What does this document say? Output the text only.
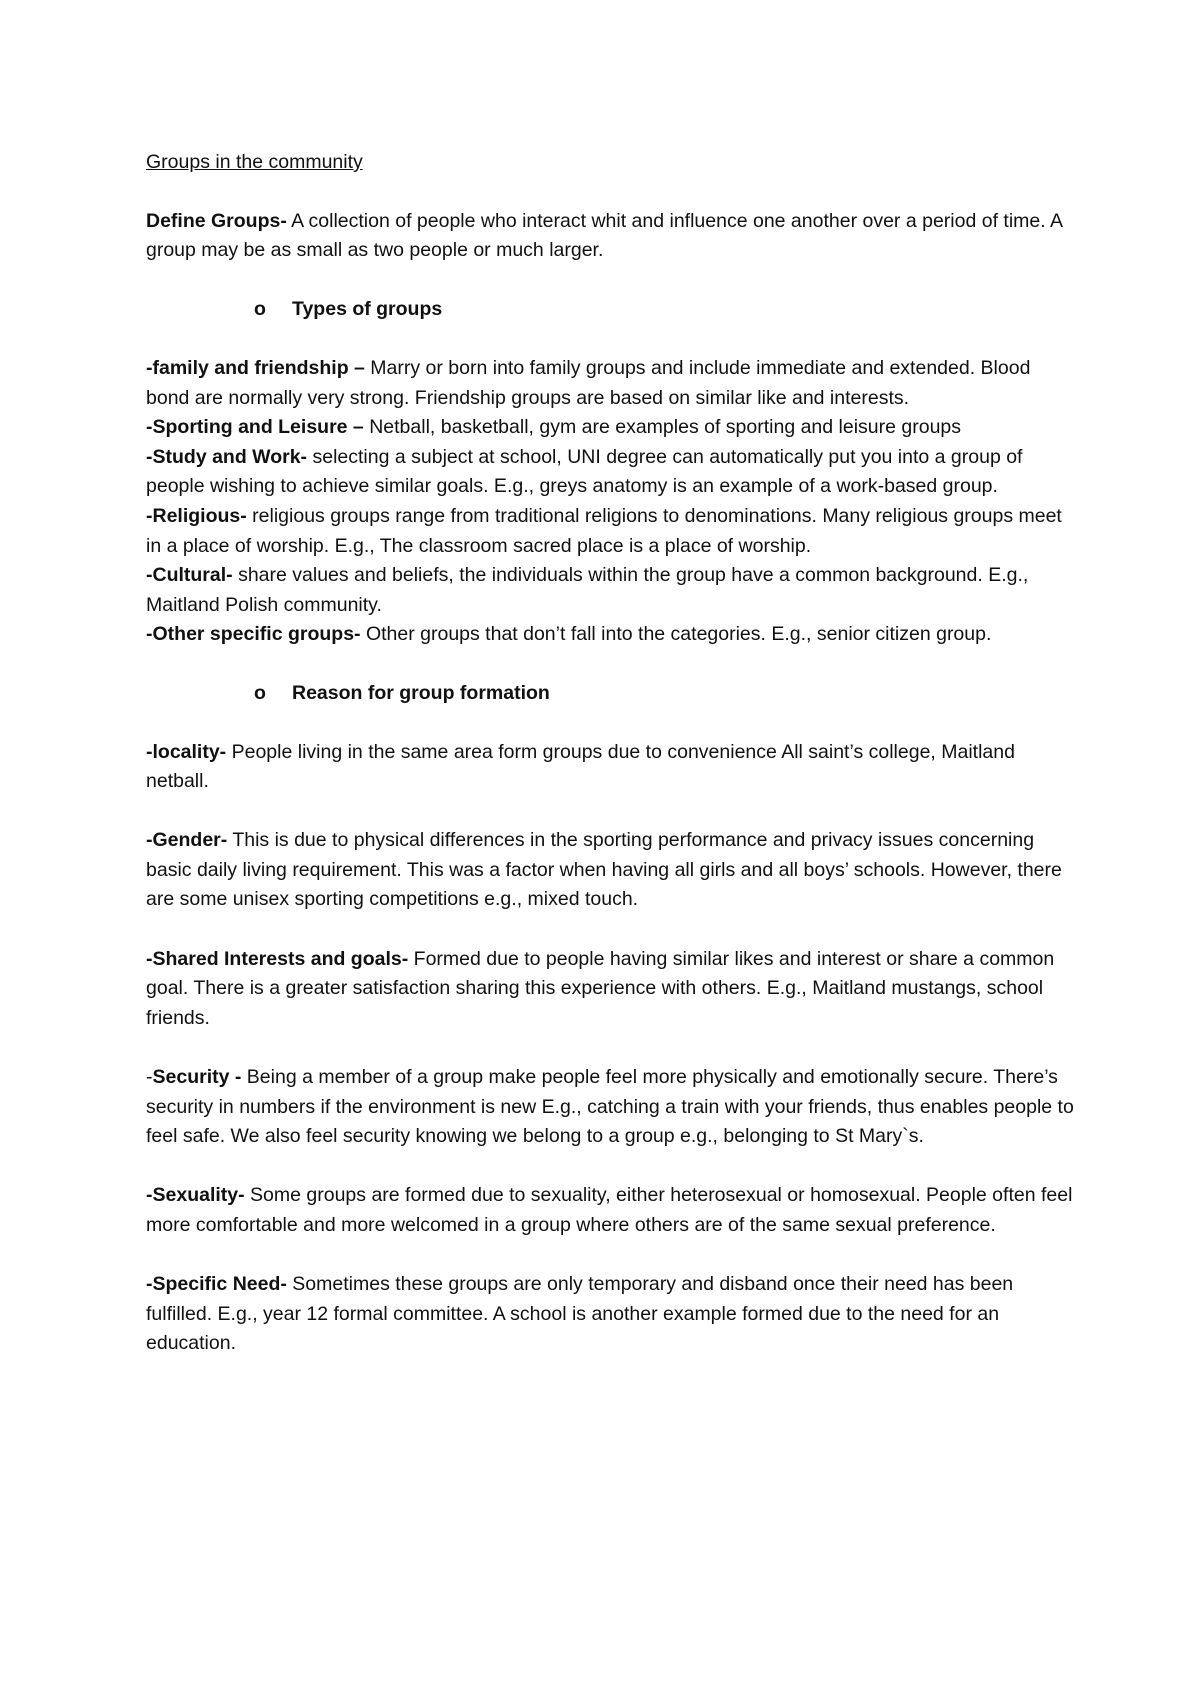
Groups in the community

Define Groups- A collection of people who interact whit and influence one another over a period of time. A group may be as small as two people or much larger.

o Types of groups

-family and friendship – Marry or born into family groups and include immediate and extended. Blood bond are normally very strong. Friendship groups are based on similar like and interests.

-Sporting and Leisure – Netball, basketball, gym are examples of sporting and leisure groups

-Study and Work- selecting a subject at school, UNI degree can automatically put you into a group of people wishing to achieve similar goals. E.g., greys anatomy is an example of a work-based group.

-Religious- religious groups range from traditional religions to denominations. Many religious groups meet in a place of worship. E.g., The classroom sacred place is a place of worship.

-Cultural- share values and beliefs, the individuals within the group have a common background. E.g., Maitland Polish community.

-Other specific groups- Other groups that don’t fall into the categories. E.g., senior citizen group.

o Reason for group formation

-locality- People living in the same area form groups due to convenience All saint’s college, Maitland netball.

-Gender- This is due to physical differences in the sporting performance and privacy issues concerning basic daily living requirement. This was a factor when having all girls and all boys’ schools. However, there are some unisex sporting competitions e.g., mixed touch.

-Shared Interests and goals- Formed due to people having similar likes and interest or share a common goal. There is a greater satisfaction sharing this experience with others. E.g., Maitland mustangs, school friends.

-Security - Being a member of a group make people feel more physically and emotionally secure. There’s security in numbers if the environment is new E.g., catching a train with your friends, thus enables people to feel safe. We also feel security knowing we belong to a group e.g., belonging to St Mary`s.

-Sexuality- Some groups are formed due to sexuality, either heterosexual or homosexual. People often feel more comfortable and more welcomed in a group where others are of the same sexual preference.

-Specific Need- Sometimes these groups are only temporary and disband once their need has been fulfilled. E.g., year 12 formal committee. A school is another example formed due to the need for an education.
